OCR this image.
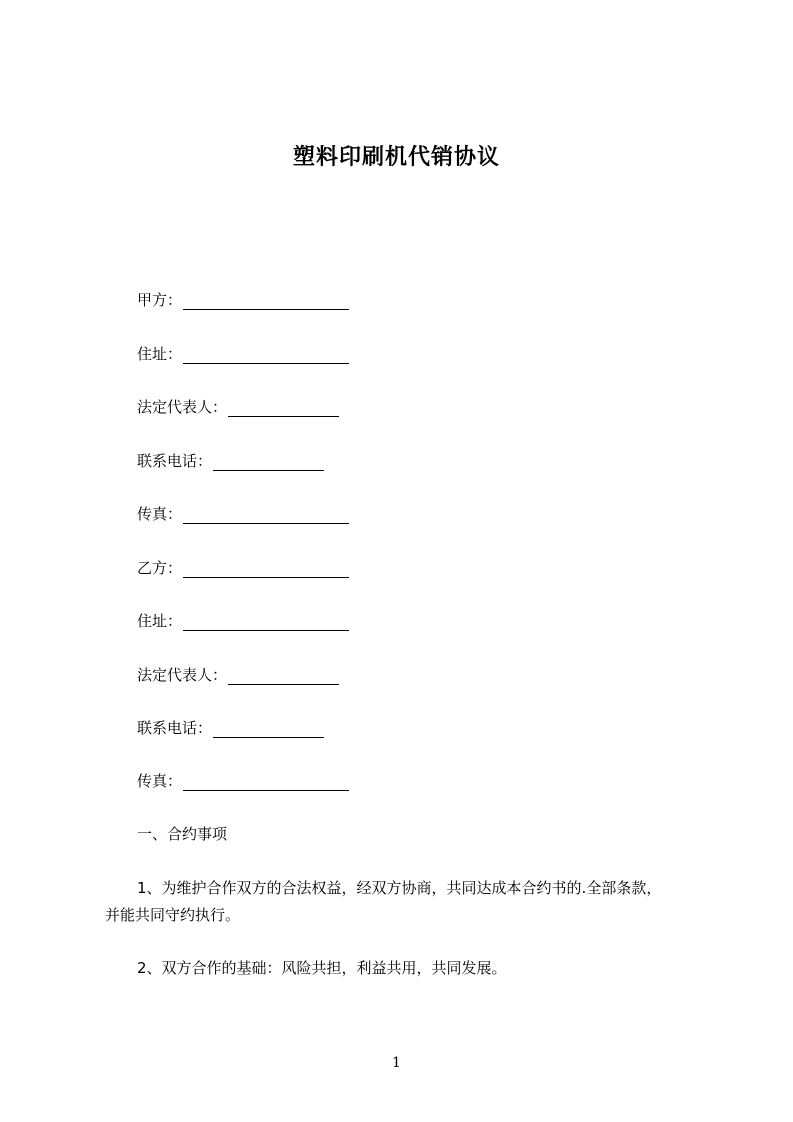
塑料印刷机代销协议
甲方：
住址：
法定代表人：
联系电话：
传真：
乙方：
住址：
法定代表人：
联系电话：
传真：
一、合约事项
1、为维护合作双方的合法权益，经双方协商，共同达成本合约书的.全部条款，
并能共同守约执行。
2、双方合作的基础：风险共担，利益共用，共同发展。
1
